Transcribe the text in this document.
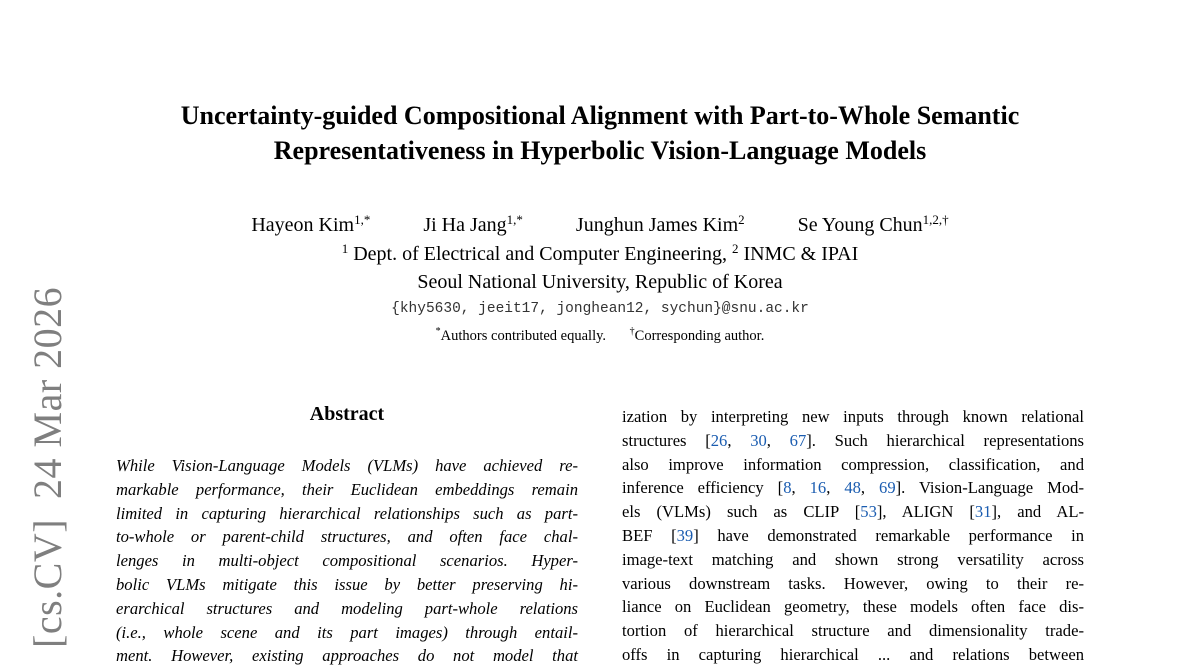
[cs.CV]24 Mar 2026
Uncertainty-guided Compositional Alignment with Part-to-Whole Semantic
Representativeness in Hyperbolic Vision-Language Models
Hayeon Kim$^{1,*}$	Ji Ha Jang$^{1,*}$	Junghun James Kim$^2$	Se Young Chun$^{1,2,\dagger}$
$^1$ Dept. of Electrical and Computer Engineering, $^2$ INMC & IPAI
Seoul National University, Republic of Korea
{khy5630, jeeit17, jonghean12, sychun}@snu.ac.kr
*Authors contributed equally. †Corresponding author.
Abstract
While Vision-Language Models (VLMs) have achieved re-
markable performance, their Euclidean embeddings remain
limited in capturing hierarchical relationships such as part-
to-whole or parent-child structures, and often face chal-
lenges in multi-object compositional scenarios. Hyper-
bolic VLMs mitigate this issue by better preserving hi-
erarchical structures and modeling part-whole relations
(i.e., whole scene and its part images) through entail-
ment. However, existing approaches do not model that
ization by interpreting new inputs through known relational
structures [26, 30, 67]. Such hierarchical representations
also improve information compression, classification, and
inference efficiency [8, 16, 48, 69]. Vision-Language Mod-
els (VLMs) such as CLIP [53], ALIGN [31], and AL-
BEF [39] have demonstrated remarkable performance in
image-text matching and shown strong versatility across
various downstream tasks. However, owing to their re-
liance on Euclidean geometry, these models often face dis-
tortion of hierarchical structure and dimensionality trade-
offs in capturing hierarchical ... and relations between
